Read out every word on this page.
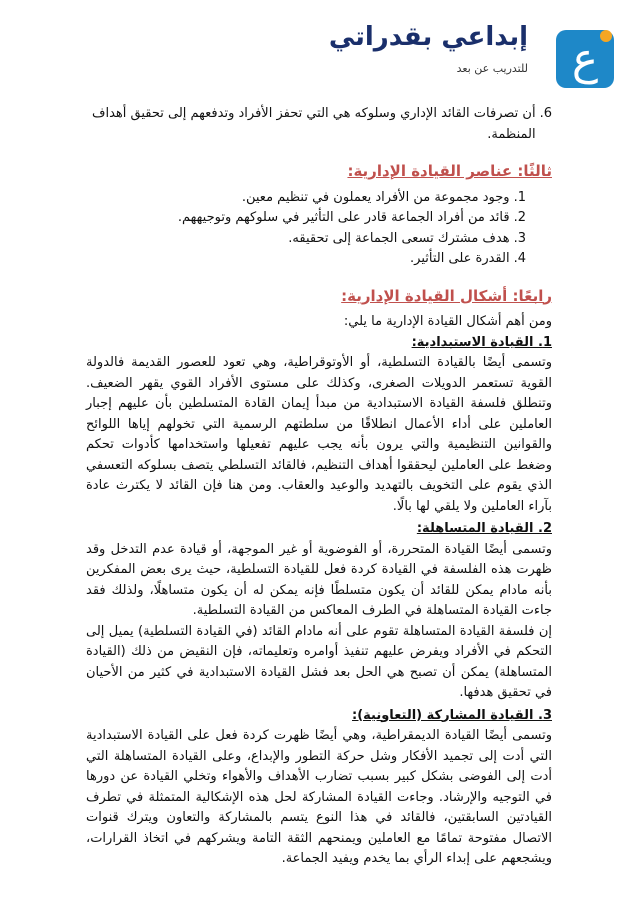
ع
إبداعي بقدراتي
للتدريب عن بعد
6.
أن تصرفات القائد الإداري وسلوكه هي التي تحفز الأفراد وتدفعهم إلى تحقيق أهداف المنظمة.
ثالثًا: عناصر القيادة الإدارية:
1.
وجود مجموعة من الأفراد يعملون في تنظيم معين.
2.
قائد من أفراد الجماعة قادر على التأثير في سلوكهم وتوجيههم.
3.
هدف مشترك تسعى الجماعة إلى تحقيقه.
4.
القدرة على التأثير.
رابعًا: أشكال القيادة الإدارية:

ومن أهم أشكال القيادة الإدارية ما يلي:

1. القيادة الاستبدادية:

وتسمى أيضًا بالقيادة التسلطية، أو الأوتوقراطية، وهي تعود للعصور القديمة فالدولة القوية تستعمر الدويلات الصغرى، وكذلك على مستوى الأفراد القوي يقهر الضعيف. وتنطلق فلسفة القيادة الاستبدادية من مبدأ إيمان القادة المتسلطين بأن عليهم إجبار العاملين على أداء الأعمال انطلاقًا من سلطتهم الرسمية التي تخولهم إياها اللوائح والقوانين التنظيمية والتي يرون بأنه يجب عليهم تفعيلها واستخدامها كأدوات تحكم وضغط على العاملين ليحققوا أهداف التنظيم، فالقائد التسلطي يتصف بسلوكه التعسفي الذي يقوم على التخويف بالتهديد والوعيد والعقاب. ومن هنا فإن القائد لا يكترث عادة بآراء العاملين ولا يلقي لها بالًا.

2. القيادة المتساهلة:

وتسمى أيضًا القيادة المتحررة، أو الفوضوية أو غير الموجهة، أو قيادة عدم التدخل وقد ظهرت هذه الفلسفة في القيادة كردة فعل للقيادة التسلطية، حيث يرى بعض المفكرين بأنه مادام يمكن للقائد أن يكون متسلطًا فإنه يمكن له أن يكون متساهلًا، ولذلك فقد جاءت القيادة المتساهلة في الطرف المعاكس من القيادة التسلطية.

إن فلسفة القيادة المتساهلة تقوم على أنه مادام القائد (في القيادة التسلطية) يميل إلى التحكم في الأفراد ويفرض عليهم تنفيذ أوامره وتعليماته، فإن النقيض من ذلك (القيادة المتساهلة) يمكن أن تصبح هي الحل بعد فشل القيادة الاستبدادية في كثير من الأحيان في تحقيق هدفها.

3. القيادة المشاركة (التعاونية):

وتسمى أيضًا القيادة الديمقراطية، وهي أيضًا ظهرت كردة فعل على القيادة الاستبدادية التي أدت إلى تجميد الأفكار وشل حركة التطور والإبداع، وعلى القيادة المتساهلة التي أدت إلى الفوضى بشكل كبير بسبب تضارب الأهداف والأهواء وتخلي القيادة عن دورها في التوجيه والإرشاد. وجاءت القيادة المشاركة لحل هذه الإشكالية المتمثلة في تطرف القيادتين السابقتين، فالقائد في هذا النوع يتسم بالمشاركة والتعاون ويترك قنوات الاتصال مفتوحة تمامًا مع العاملين ويمنحهم الثقة التامة ويشركهم في اتخاذ القرارات، ويشجعهم على إبداء الرأي بما يخدم ويفيد الجماعة.
